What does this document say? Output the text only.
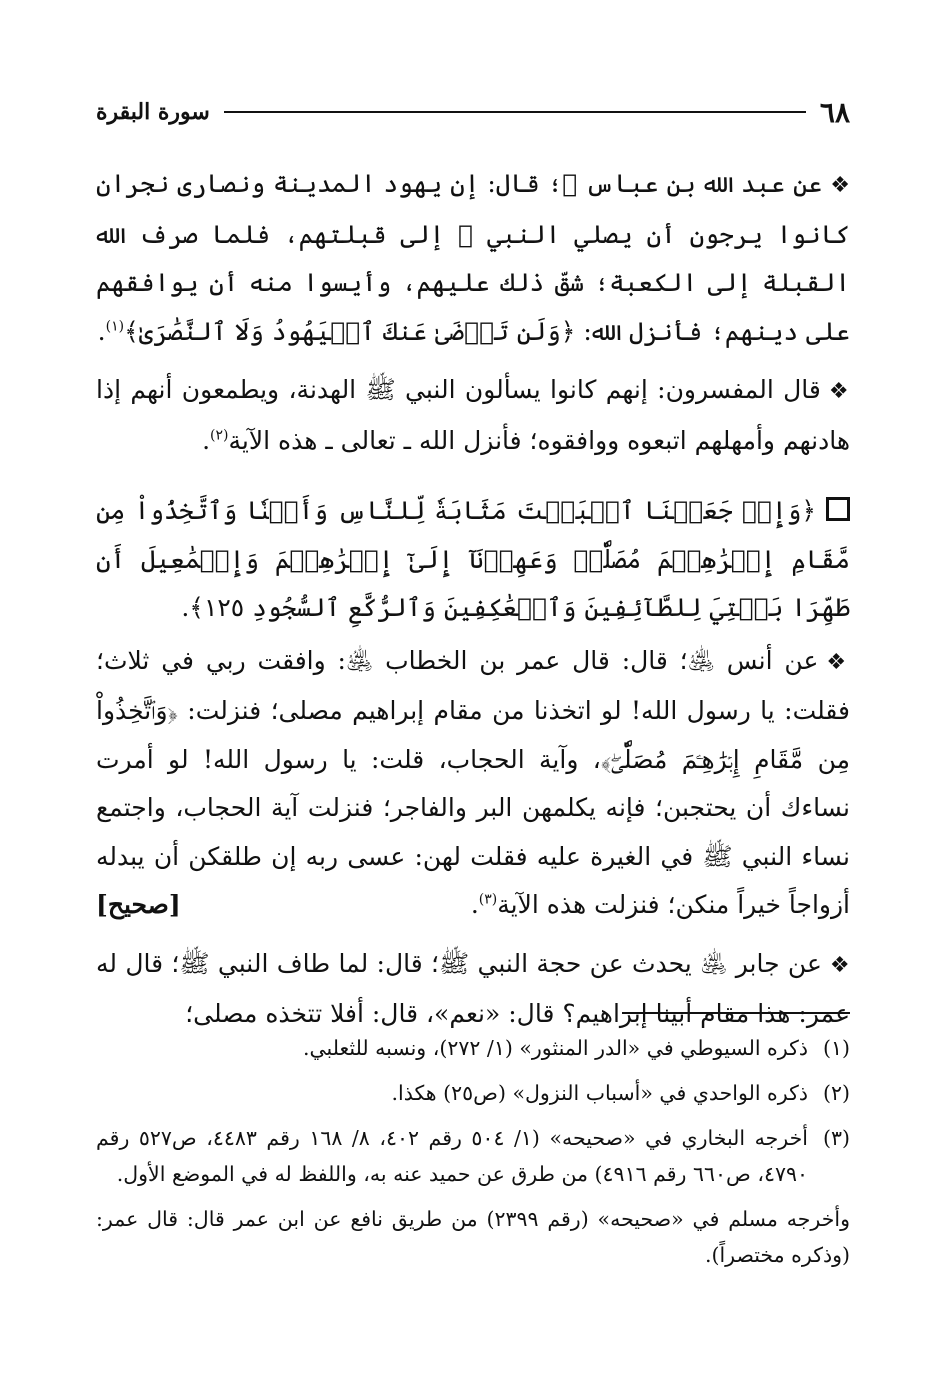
٦٨
سورة البقرة

❖عن عبد الله بن عباس ﵄؛ قال: إن يهود المدينة ونصارى نجران كانوا يرجون أن يصلي النبي ﷺ إلى قبلتهم، فلما صرف الله القبلة إلى الكعبة؛ شقّ ذلك عليهم، وأيسوا منه أن يوافقهم على دينهم؛ فأنزل الله: ﴿وَلَن تَرۡضَىٰ عَنكَ ٱلۡيَهُودُ وَلَا ٱلنَّصَٰرَىٰ﴾$^{(١)}$.

❖قال المفسرون: إنهم كانوا يسألون النبي ﷺ الهدنة، ويطمعون أنهم إذا هادنهم وأمهلهم اتبعوه ووافقوه؛ فأنزل الله ـ تعالى ـ هذه الآية$^{(٢)}$.

﴿وَإِذۡ جَعَلۡنَا ٱلۡبَيۡتَ مَثَابَةٗ لِّلنَّاسِ وَأَمۡنٗا وَٱتَّخِذُواْ مِن مَّقَامِ إِبۡرَٰهِـۧمَ مُصَلّٗىۖ وَعَهِدۡنَآ إِلَىٰٓ إِبۡرَٰهِـۧمَ وَإِسۡمَٰعِيلَ أَن طَهِّرَا بَيۡتِيَ لِلطَّآئِفِينَ وَٱلۡعَٰكِفِينَ وَٱلرُّكَّعِ ٱلسُّجُودِ ١٢٥﴾.

❖عن أنس ﵁؛ قال: قال عمر بن الخطاب ﵁: وافقت ربي في ثلاث؛ فقلت: يا رسول الله! لو اتخذنا من مقام إبراهيم مصلى؛ فنزلت: ﴿وَٱتَّخِذُواْ مِن مَّقَامِ إِبۡرَٰهِـۧمَ مُصَلّٗىۖ﴾، وآية الحجاب، قلت: يا رسول الله! لو أمرت نساءك أن يحتجبن؛ فإنه يكلمهن البر والفاجر؛ فنزلت آية الحجاب، واجتمع نساء النبي ﷺ في الغيرة عليه فقلت لهن: عسى ربه إن طلقكن أن يبدله أزواجاً خيراً منكن؛ فنزلت هذه الآية$^{(٣)}$.
[صحيح]

❖عن جابر ﵁ يحدث عن حجة النبي ﷺ؛ قال: لما طاف النبي ﷺ؛ قال له عمر: هذا مقام أبينا إبراهيم؟ قال: «نعم»، قال: أفلا تتخذه مصلى؛

(١)
ذكره السيوطي في «الدر المنثور» (١/ ٢٧٢)، ونسبه للثعلبي.

(٢)
ذكره الواحدي في «أسباب النزول» (ص٢٥) هكذا.

(٣)
أخرجه البخاري في «صحيحه» (١/ ٥٠٤ رقم ٤٠٢، ٨/ ١٦٨ رقم ٤٤٨٣، ص٥٢٧ رقم ٤٧٩٠، ص٦٦٠ رقم ٤٩١٦) من طرق عن حميد عنه به، واللفظ له في الموضع الأول.

وأخرجه مسلم في «صحيحه» (رقم ٢٣٩٩) من طريق نافع عن ابن عمر قال: قال عمر: (وذكره مختصراً).
